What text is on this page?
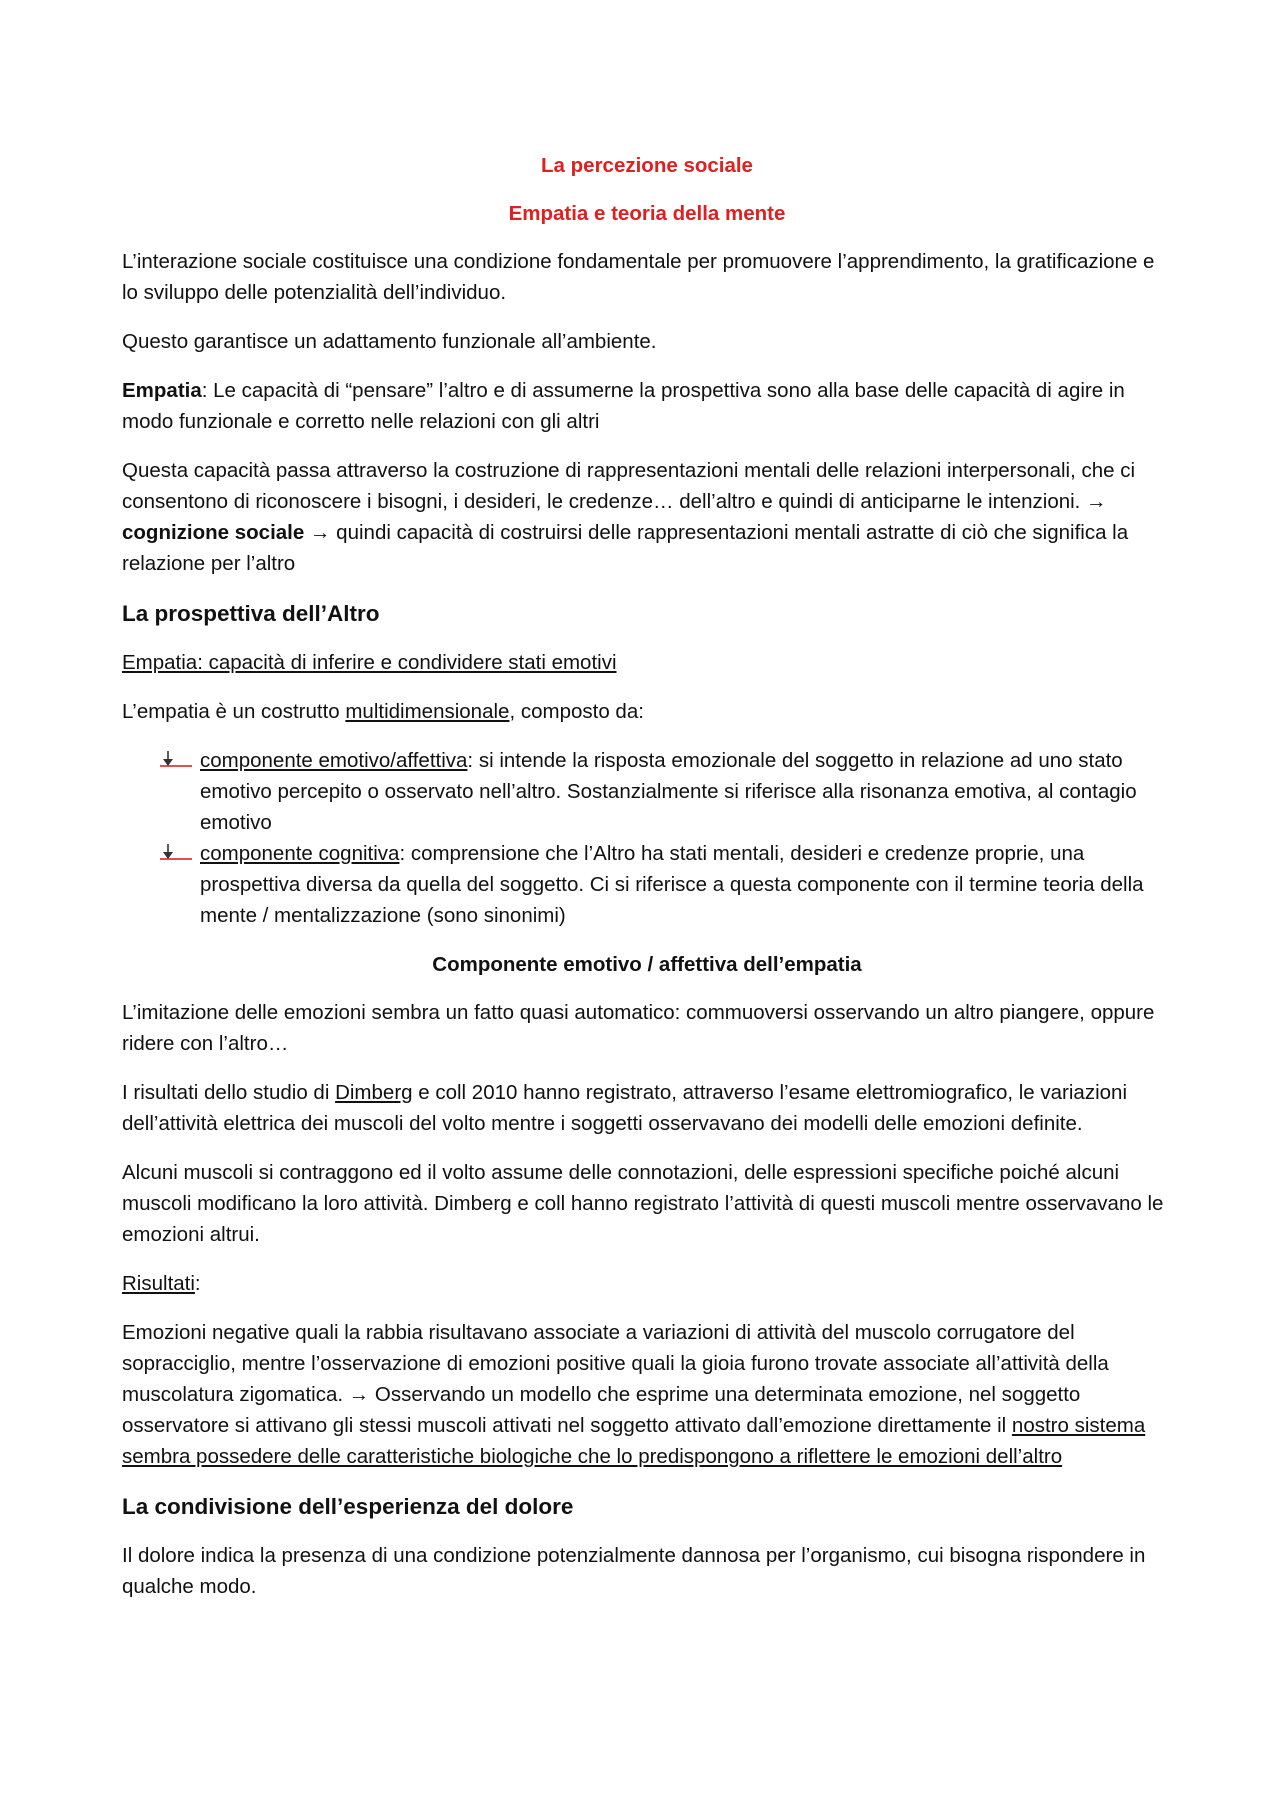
La percezione sociale
Empatia e teoria della mente

L’interazione sociale costituisce una condizione fondamentale per promuovere l’apprendimento, la gratificazione e lo sviluppo delle potenzialità dell’individuo.

Questo garantisce un adattamento funzionale all’ambiente.

Empatia: Le capacità di “pensare” l’altro e di assumerne la prospettiva sono alla base delle capacità di agire in modo funzionale e corretto nelle relazioni con gli altri

Questa capacità passa attraverso la costruzione di rappresentazioni mentali delle relazioni interpersonali, che ci consentono di riconoscere i bisogni, i desideri, le credenze… dell’altro e quindi di anticiparne le intenzioni. → cognizione sociale → quindi capacità di costruirsi delle rappresentazioni mentali astratte di ciò che significa la relazione per l’altro

La prospettiva dell’Altro

Empatia: capacità di inferire e condividere stati emotivi

L’empatia è un costrutto multidimensionale, composto da:

componente emotivo/affettiva: si intende la risposta emozionale del soggetto in relazione ad uno stato emotivo percepito o osservato nell’altro. Sostanzialmente si riferisce alla risonanza emotiva, al contagio emotivo
componente cognitiva: comprensione che l’Altro ha stati mentali, desideri e credenze proprie, una prospettiva diversa da quella del soggetto. Ci si riferisce a questa componente con il termine teoria della mente / mentalizzazione (sono sinonimi)
Componente emotivo / affettiva dell’empatia

L’imitazione delle emozioni sembra un fatto quasi automatico: commuoversi osservando un altro piangere, oppure ridere con l’altro…

I risultati dello studio di Dimberg e coll 2010 hanno registrato, attraverso l’esame elettromiografico, le variazioni dell’attività elettrica dei muscoli del volto mentre i soggetti osservavano dei modelli delle emozioni definite.

Alcuni muscoli si contraggono ed il volto assume delle connotazioni, delle espressioni specifiche poiché alcuni muscoli modificano la loro attività. Dimberg e coll hanno registrato l’attività di questi muscoli mentre osservavano le emozioni altrui.

Risultati:

Emozioni negative quali la rabbia risultavano associate a variazioni di attività del muscolo corrugatore del sopracciglio, mentre l’osservazione di emozioni positive quali la gioia furono trovate associate all’attività della muscolatura zigomatica. → Osservando un modello che esprime una determinata emozione, nel soggetto osservatore si attivano gli stessi muscoli attivati nel soggetto attivato dall’emozione direttamente il nostro sistema sembra possedere delle caratteristiche biologiche che lo predispongono a riflettere le emozioni dell’altro

La condivisione dell’esperienza del dolore

Il dolore indica la presenza di una condizione potenzialmente dannosa per l’organismo, cui bisogna rispondere in qualche modo.
